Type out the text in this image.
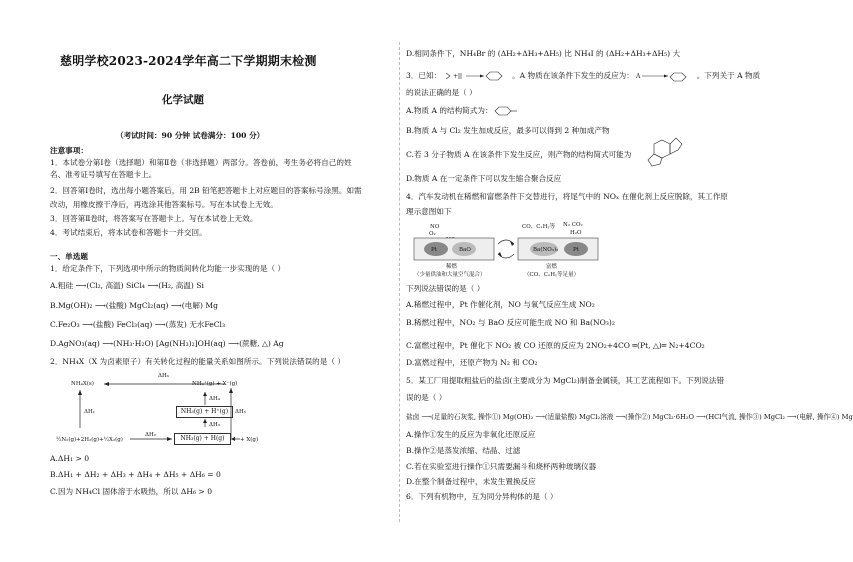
慈明学校2023-2024学年高二下学期期末检测
化学试题
（考试时间：90 分钟 试卷满分：100 分）
注意事项：
1．本试卷分第Ⅰ卷（选择题）和第Ⅱ卷（非选择题）两部分。答卷前，考生务必将自己的姓
名、准考证号填写在答题卡上。
2．回答第Ⅰ卷时，选出每小题答案后，用 2B 铅笔把答题卡上对应题目的答案标号涂黑。如需
改动，用橡皮擦干净后，再选涂其他答案标号。写在本试卷上无效。
3．回答第Ⅱ卷时，将答案写在答题卡上。写在本试卷上无效。
4．考试结束后，将本试卷和答题卡一并交回。
一、单选题
1．给定条件下，下列选项中所示的物质间转化均能一步实现的是（ ）
A.粗硅 ⟶(Cl₂, 高温) SiCl₄ ⟶(H₂, 高温) Si
B.Mg(OH)₂ ⟶(盐酸) MgCl₂(aq) ⟶(电解) Mg
C.Fe₂O₃ ⟶(盐酸) FeCl₃(aq) ⟶(蒸发) 无水FeCl₃
D.AgNO₃(aq) ⟶(NH₃·H₂O) [Ag(NH₃)₂]OH(aq) ⟶(蔗糖, △) Ag
2．NH₄X（X 为卤素原子）有关转化过程的能量关系如图所示。下列说法错误的是（ ）
NH₄X(s)	NH₄⁺(g) + X⁻(g)
ΔH₆
NH₃(g) + H⁺(g)
NH₃(g) + H(g)
ΔH₄
ΔH₃
ΔH₅
ΔH₁
ΔH₂
+ X(g)
½N₂(g)+2H₂(g)+½X₂(g)
A.ΔH₁ > 0
B.ΔH₁ + ΔH₂ + ΔH₃ + ΔH₄ + ΔH₅ + ΔH₆ = 0
C.因为 NH₄Cl 固体溶于水吸热，所以 ΔH₆ > 0
D.相同条件下，NH₄Br 的 (ΔH₂+ΔH₃+ΔH₅) 比 NH₄I 的 (ΔH₂+ΔH₃+ΔH₅) 大
3．已知： +	。A 物质在该条件下发生的反应为： A	。下列关于 A 物质
的说法正确的是（ ）
A.物质 A 的结构简式为：
B.物质 A 与 Cl₂ 发生加成反应，最多可以得到 2 种加成产物
C.若 3 分子物质 A 在该条件下发生反应，则产物的结构简式可能为
D.物质 A 在一定条件下可以发生缩合聚合反应
4．汽车发动机在稀燃和富燃条件下交替进行，将尾气中的 NOₓ 在催化剂上反应脱除，其工作原
理示意图如下
NO
O₂
CO、CₓHᵧ等 N₂ CO₂
H₂O
Pt	BaO	Ba(NO₃)₂	Pt
稀燃
（少量供油和大量空气混合）
富燃
（CO、CₓHᵧ等足量）
下列说法错误的是（ ）
A.稀燃过程中，Pt 作催化剂，NO 与氧气反应生成 NO₂
B.稀燃过程中，NO₂ 与 BaO 反应可能生成 NO 和 Ba(NO₃)₂
C.富燃过程中，Pt 催化下 NO₂ 被 CO 还原的反应为 2NO₂+4CO ═(Pt, △)═ N₂+4CO₂
D.富燃过程中，还原产物为 N₂ 和 CO₂
5．某工厂用提取粗盐后的盐卤(主要成分为 MgCl₂)制备金属镁，其工艺流程如下。下列说法错
误的是（ ）
盐卤 ⟶(足量的石灰浆, 操作①) Mg(OH)₂ ⟶(适量盐酸) MgCl₂溶液 ⟶(操作②) MgCl₂·6H₂O ⟶(HCl气流, 操作③) MgCl₂ ⟶(电解, 操作④) Mg
A.操作①发生的反应为非氧化还原反应
B.操作②是蒸发浓缩、结晶、过滤
C.若在实验室进行操作①只需要漏斗和烧杯两种玻璃仪器
D.在整个制备过程中，未发生置换反应
6．下列有机物中，互为同分异构体的是（ ）
